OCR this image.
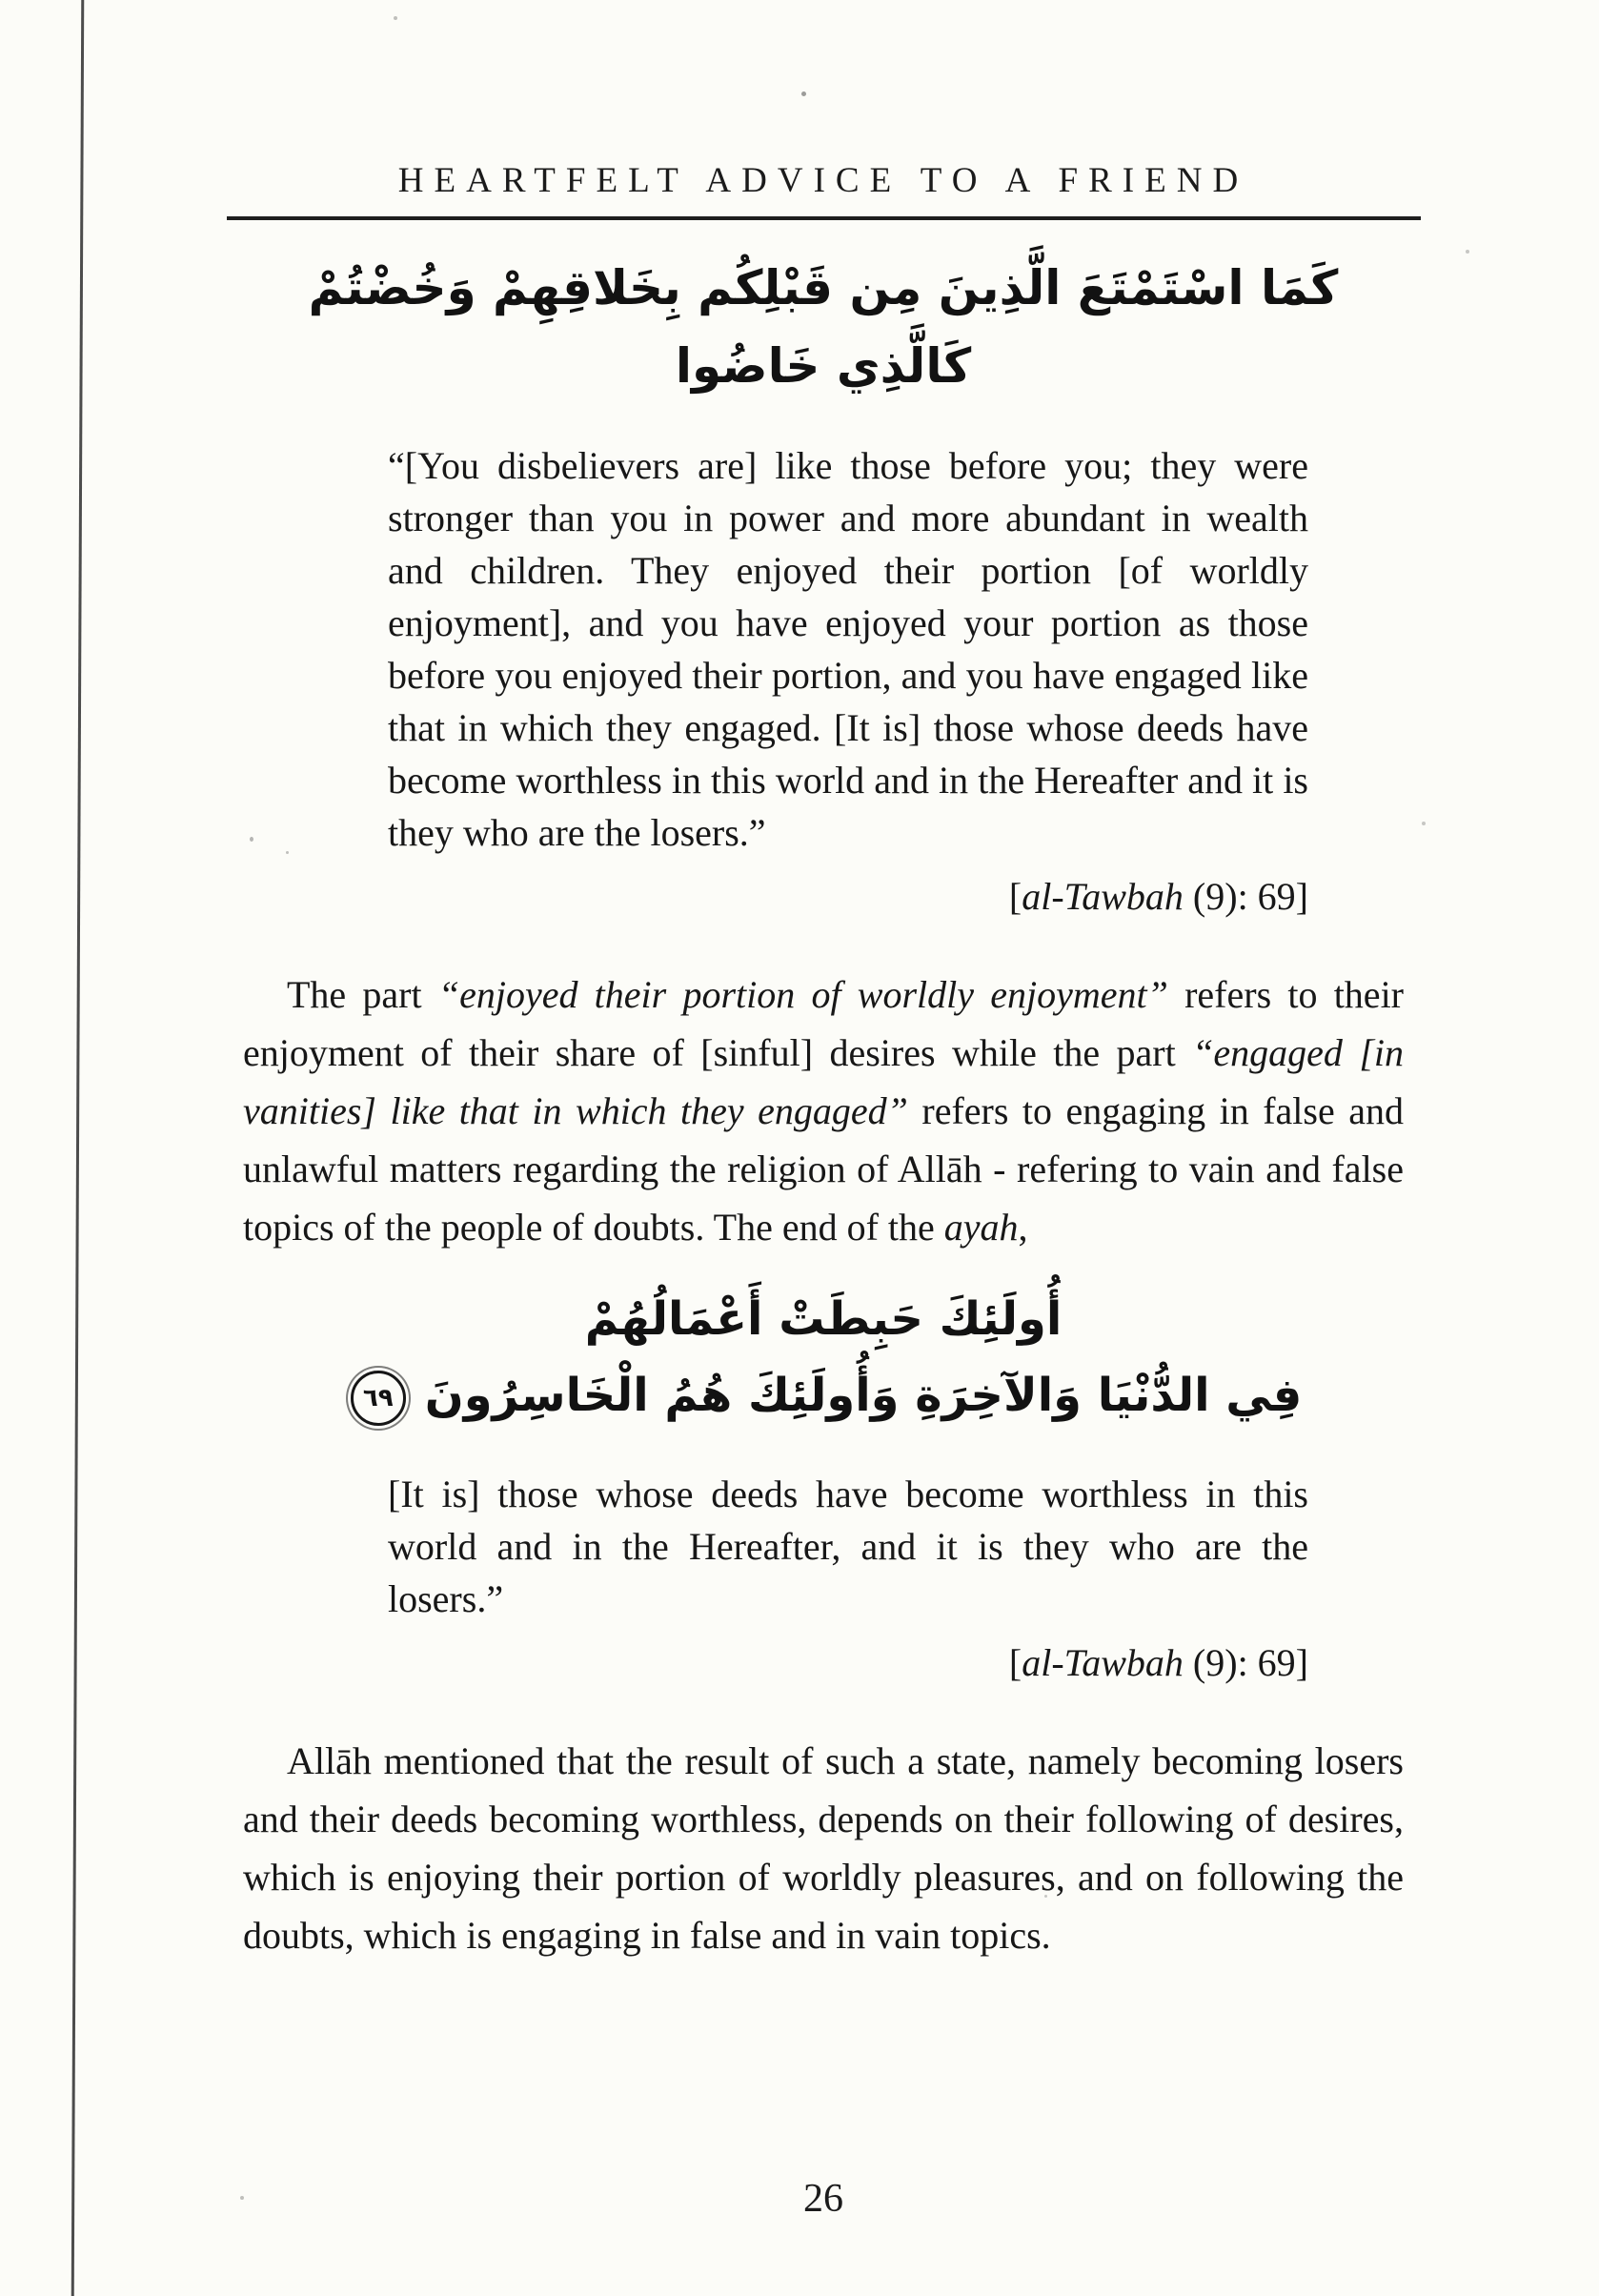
HEARTFELT ADVICE TO A FRIEND
كَمَا اسْتَمْتَعَ الَّذِينَ مِن قَبْلِكُم بِخَلاقِهِمْ وَخُضْتُمْ
كَالَّذِي خَاضُوا
“[You disbelievers are] like those before you; they were stronger than you in power and more abundant in wealth and children. They enjoyed their portion [of worldly enjoyment], and you have enjoyed your portion as those before you enjoyed their portion, and you have engaged like that in which they engaged. [It is] those whose deeds have become worthless in this world and in the Hereafter and it is they who are the losers.”
[al-Tawbah (9): 69]
The part “enjoyed their portion of worldly enjoyment” refers to their enjoyment of their share of [sinful] desires while the part “engaged [in vanities] like that in which they engaged” refers to engaging in false and unlawful matters regarding the religion of Allāh - refering to vain and false topics of the people of doubts. The end of the ayah,
أُولَئِكَ حَبِطَتْ أَعْمَالُهُمْ
فِي الدُّنْيَا وَالآخِرَةِ وَأُولَئِكَ هُمُ الْخَاسِرُونَ
٦٩
[It is] those whose deeds have become worthless in this world and in the Hereafter, and it is they who are the losers.”
[al-Tawbah (9): 69]
Allāh mentioned that the result of such a state, namely becoming losers and their deeds becoming worthless, depends on their following of desires, which is enjoying their portion of worldly pleasures, and on following the doubts, which is engaging in false and in vain topics.
26
